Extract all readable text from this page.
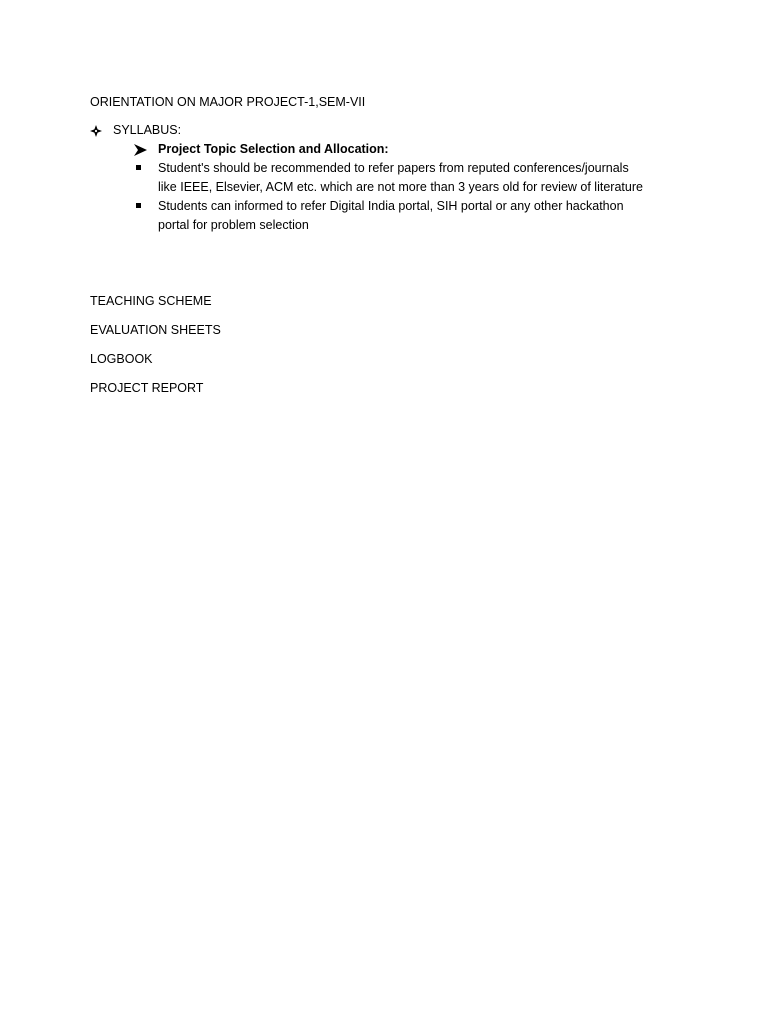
ORIENTATION ON MAJOR PROJECT-1,SEM-VII
SYLLABUS:
Project Topic Selection and Allocation:
Student's should be recommended to refer papers from reputed conferences/journals
like IEEE, Elsevier, ACM etc. which are not more than 3 years old for review of literature
Students can informed to refer Digital India portal, SIH portal or any other hackathon
portal for problem selection
TEACHING SCHEME
EVALUATION SHEETS
LOGBOOK
PROJECT REPORT
